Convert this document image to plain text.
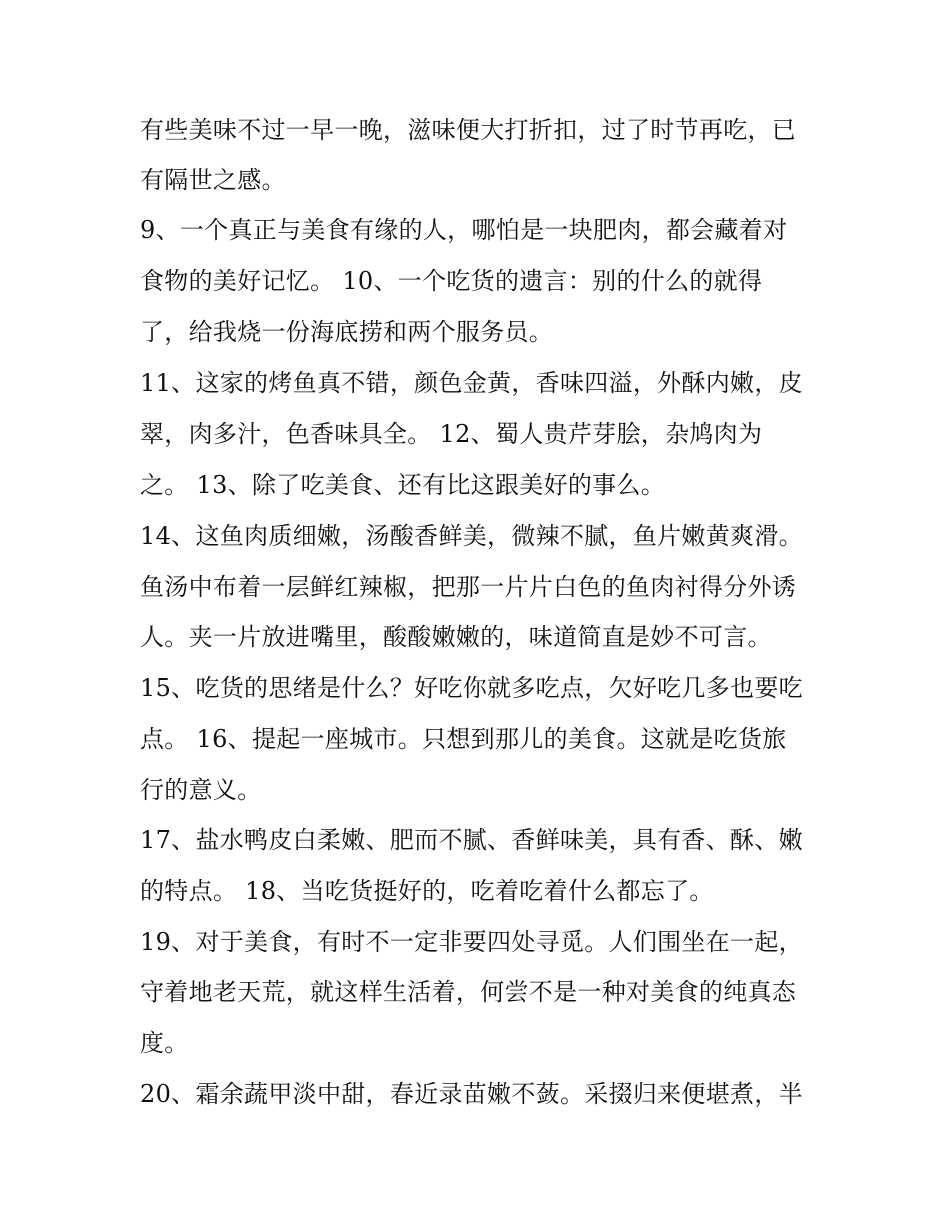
有些美味不过一早一晚，滋味便大打折扣，过了时节再吃，已
有隔世之感。
9、一个真正与美食有缘的人，哪怕是一块肥肉，都会藏着对
食物的美好记忆。 10、一个吃货的遗言：别的什么的就得
了，给我烧一份海底捞和两个服务员。
11、这家的烤鱼真不错，颜色金黄，香味四溢，外酥内嫩，皮
翠，肉多汁，色香味具全。 12、蜀人贵芹芽脍，杂鸠肉为
之。 13、除了吃美食、还有比这跟美好的事么。
14、这鱼肉质细嫩，汤酸香鲜美，微辣不腻，鱼片嫩黄爽滑。
鱼汤中布着一层鲜红辣椒，把那一片片白色的鱼肉衬得分外诱
人。夹一片放进嘴里，酸酸嫩嫩的，味道简直是妙不可言。
15、吃货的思绪是什么？好吃你就多吃点，欠好吃几多也要吃
点。 16、提起一座城市。只想到那儿的美食。这就是吃货旅
行的意义。
17、盐水鸭皮白柔嫩、肥而不腻、香鲜味美，具有香、酥、嫩
的特点。 18、当吃货挺好的，吃着吃着什么都忘了。
19、对于美食，有时不一定非要四处寻觅。人们围坐在一起，
守着地老天荒，就这样生活着，何尝不是一种对美食的纯真态
度。
20、霜余蔬甲淡中甜，春近录苗嫩不蔹。采掇归来便堪煮，半
